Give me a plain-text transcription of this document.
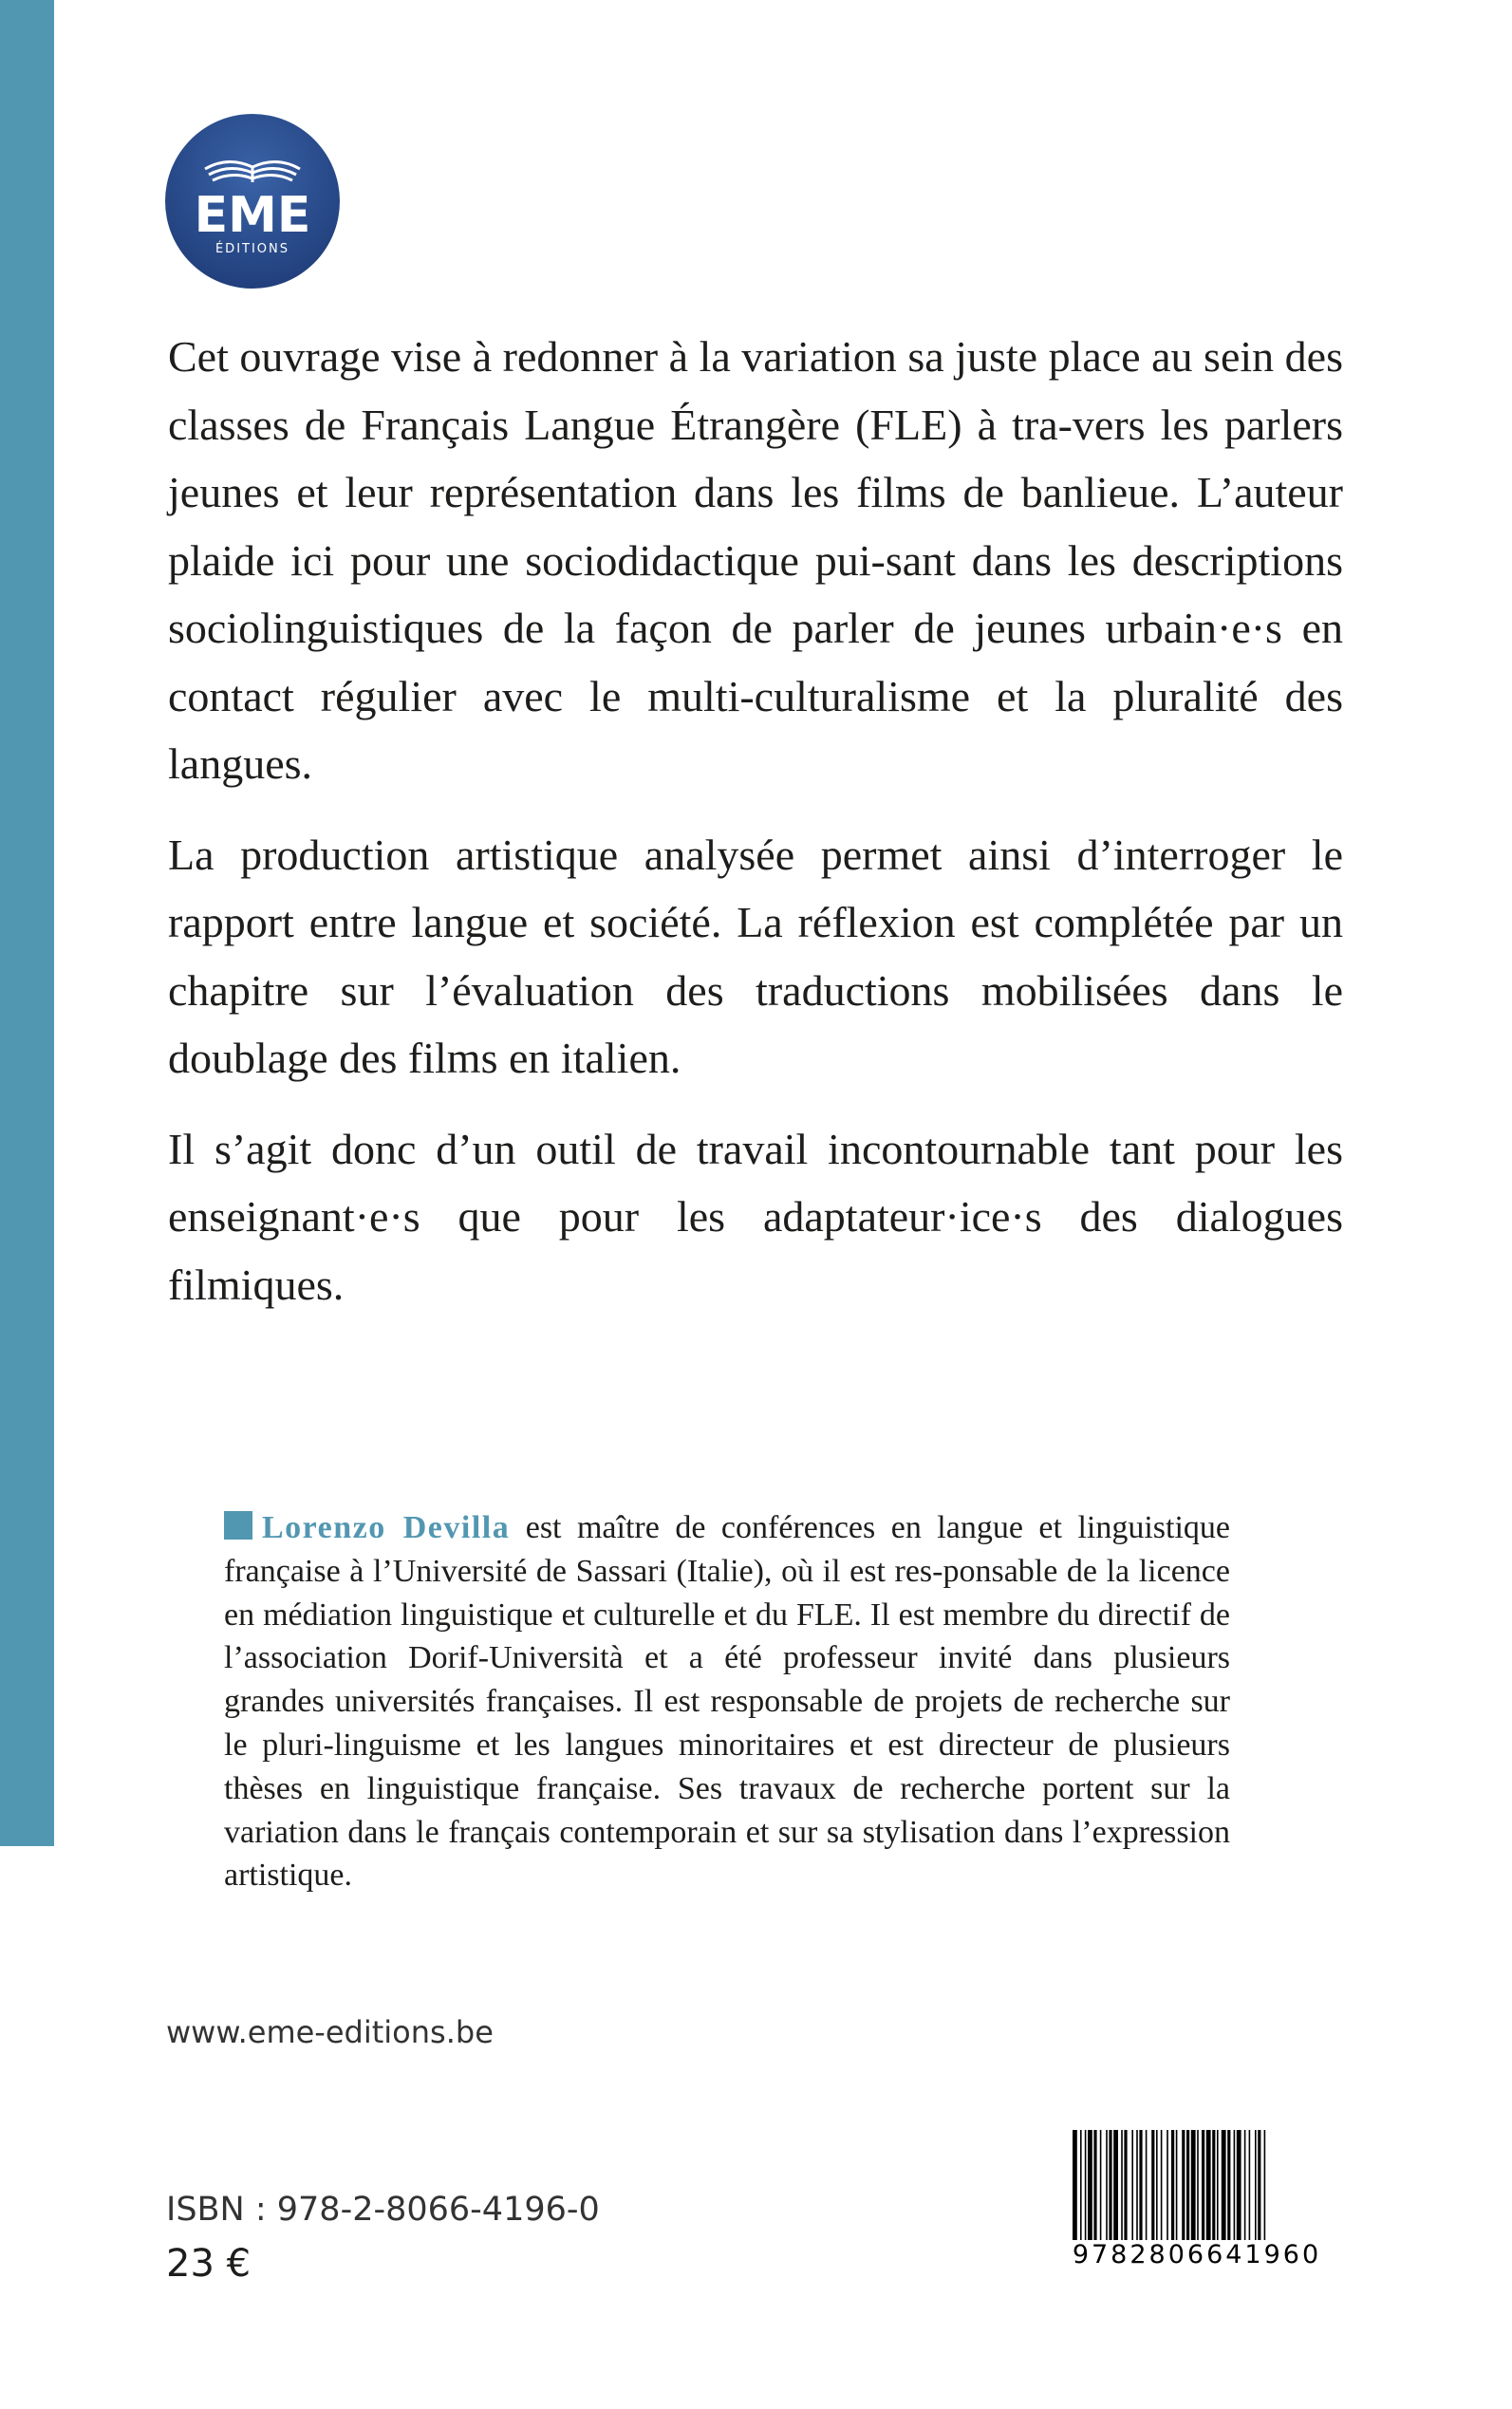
EME
ÉDITIONS

Cet ouvrage vise à redonner à la variation sa juste place au sein des classes de Français Langue Étrangère (FLE) à tra-vers les parlers jeunes et leur représentation dans les films de banlieue. L’auteur plaide ici pour une sociodidactique pui-sant dans les descriptions sociolinguistiques de la façon de parler de jeunes urbain·e·s en contact régulier avec le multi-culturalisme et la pluralité des langues.

La production artistique analysée permet ainsi d’interroger le rapport entre langue et société. La réflexion est complétée par un chapitre sur l’évaluation des traductions mobilisées dans le doublage des films en italien.

Il s’agit donc d’un outil de travail incontournable tant pour les enseignant·e·s que pour les adaptateur·ice·s des dialogues filmiques.

Lorenzo Devilla est maître de conférences en langue et linguistique française à l’Université de Sassari (Italie), où il est res-ponsable de la licence en médiation linguistique et culturelle et du FLE. Il est membre du directif de l’association Dorif-Università et a été professeur invité dans plusieurs grandes universités françaises. Il est responsable de projets de recherche sur le pluri-linguisme et les langues minoritaires et est directeur de plusieurs thèses en linguistique française. Ses travaux de recherche portent sur la variation dans le français contemporain et sur sa stylisation dans l’expression artistique.
www.eme-editions.be
ISBN : 978-2-8066-4196-0
23 €	9782806641960
